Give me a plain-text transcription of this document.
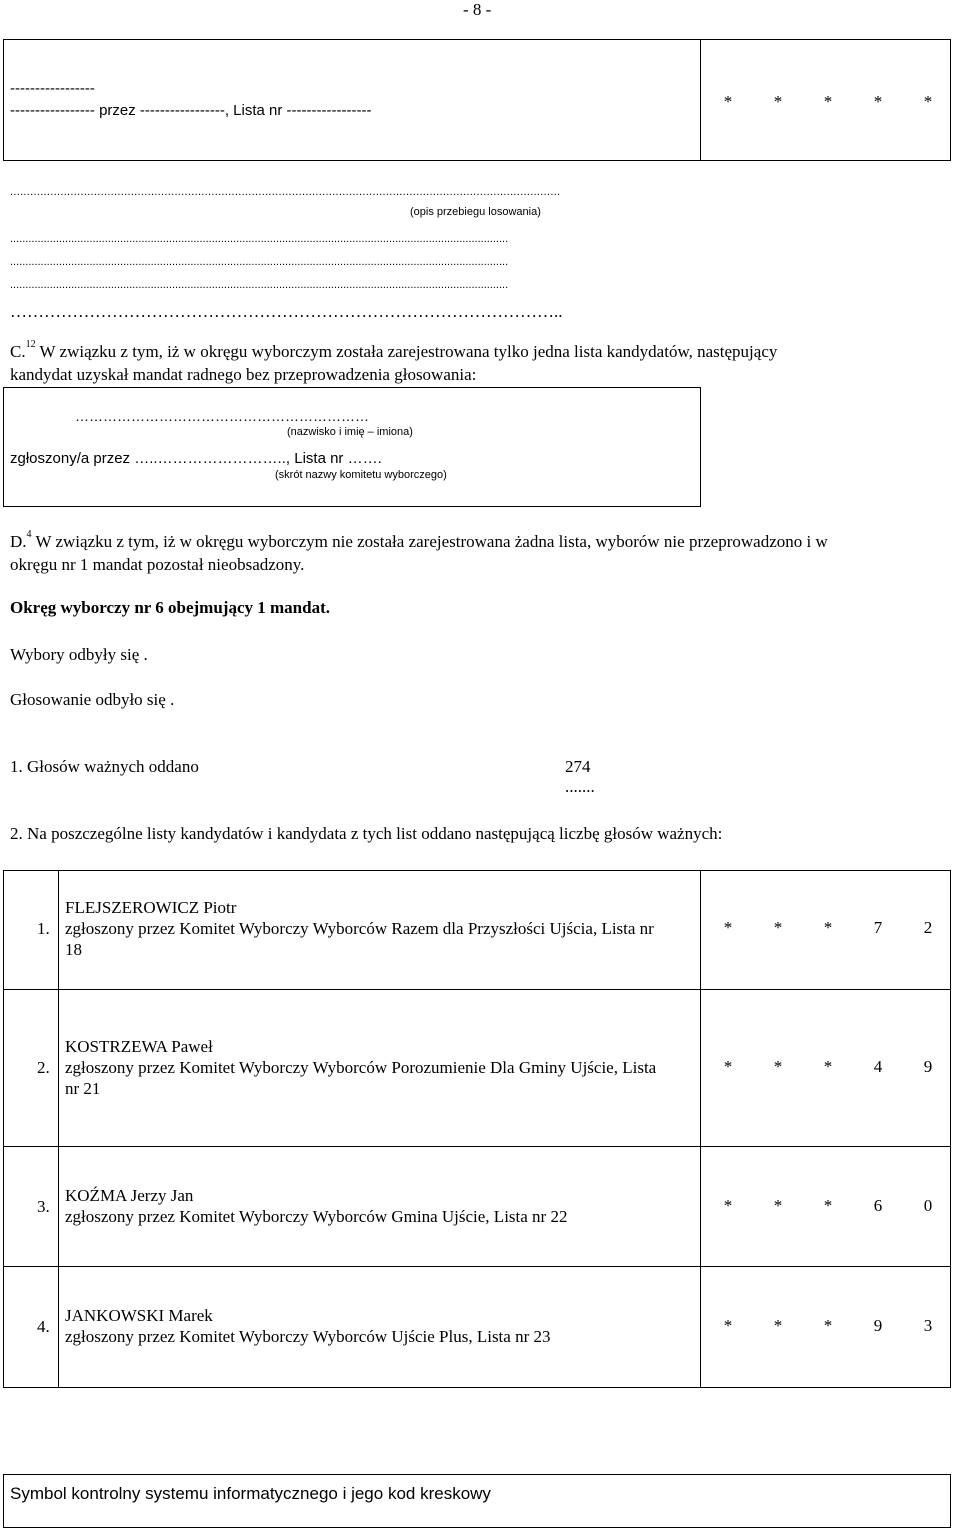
- 8 -
-----------------
----------------- przez -----------------, Lista nr -----------------	* * * * *
....................................................................................................................................................................
(opis przebiegu losowania)
...................................................................................................................................................................
...................................................................................................................................................................
...................................................................................................................................................................
……………………………………………………………………………………..
C.$^{12}$ W związku z tym, iż w okręgu wyborczym została zarejestrowana tylko jedna lista kandydatów, następujący
kandydat uzyskał mandat radnego bez przeprowadzenia głosowania:
………………………………………………………
(nazwisko i imię – imiona)
zgłoszony/a przez …..…………………….., Lista nr …….
(skrót nazwy komitetu wyborczego)
D.$^4$ W związku z tym, iż w okręgu wyborczym nie została zarejestrowana żadna lista, wyborów nie przeprowadzono i w
okręgu nr 1 mandat pozostał nieobsadzony.
Okręg wyborczy nr 6 obejmujący 1 mandat.
Wybory odbyły się .
Głosowanie odbyło się .
1. Głosów ważnych oddano	274
.......
2. Na poszczególne listy kandydatów i kandydata z tych list oddano następującą liczbę głosów ważnych:
1.
FLEJSZEROWICZ Piotr
zgłoszony przez Komitet Wyborczy Wyborców Razem dla Przyszłości Ujścia, Lista nr
18
* * * 7 2
2.
KOSTRZEWA Paweł
zgłoszony przez Komitet Wyborczy Wyborców Porozumienie Dla Gminy Ujście, Lista
nr 21
* * * 4 9
3.
KOŹMA Jerzy Jan
zgłoszony przez Komitet Wyborczy Wyborców Gmina Ujście, Lista nr 22
* * * 6 0
4.
JANKOWSKI Marek
zgłoszony przez Komitet Wyborczy Wyborców Ujście Plus, Lista nr 23
* * * 9 3
Symbol kontrolny systemu informatycznego i jego kod kreskowy
